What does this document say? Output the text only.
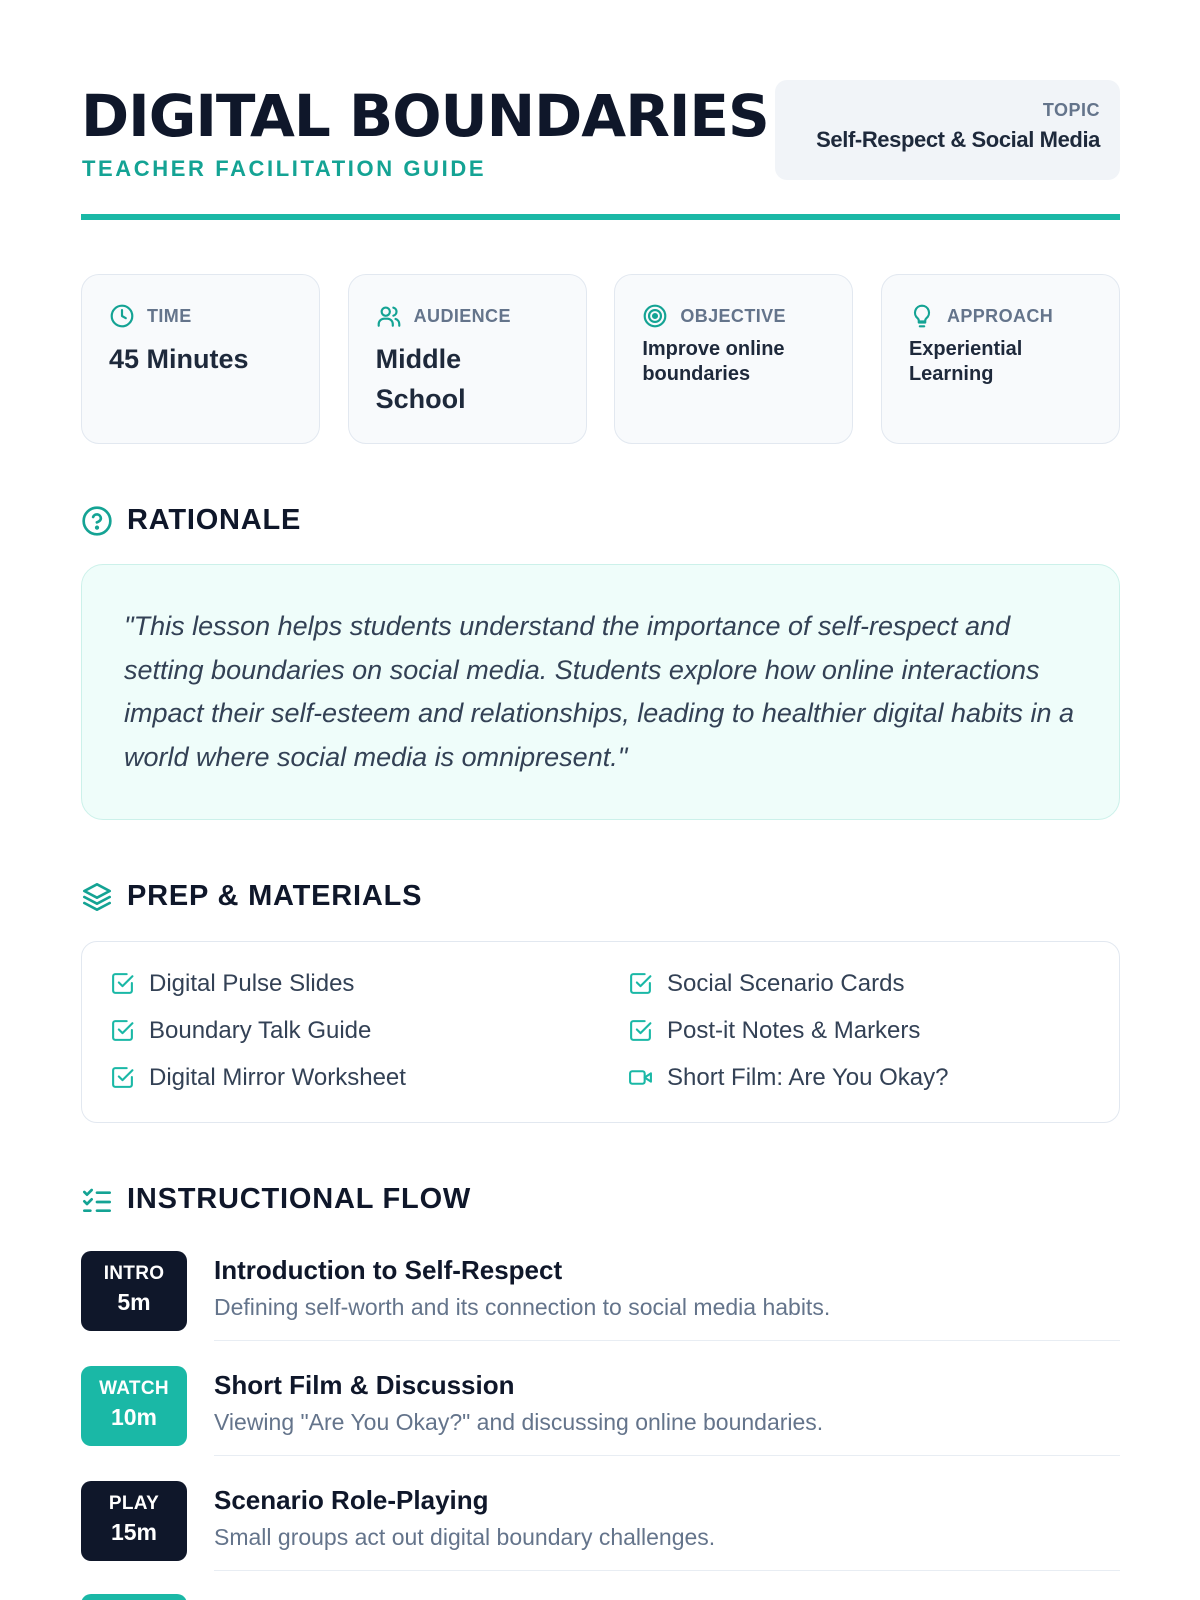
DIGITAL BOUNDARIES
TEACHER FACILITATION GUIDE
TOPIC
Self-Respect & Social Media
TIME
45 Minutes
AUDIENCE
Middle School
OBJECTIVE
Improve online boundaries
APPROACH
Experiential Learning
RATIONALE

"This lesson helps students understand the importance of self-respect and setting boundaries on social media. Students explore how online interactions impact their self-esteem and relationships, leading to healthier digital habits in a world where social media is omnipresent."

PREP & MATERIALS
Digital Pulse Slides	Social Scenario Cards
Boundary Talk Guide	Post-it Notes & Markers
Digital Mirror Worksheet	Short Film: Are You Okay?
INSTRUCTIONAL FLOW
INTRO
5m
Introduction to Self-Respect
Defining self-worth and its connection to social media habits.
WATCH
10m
Short Film & Discussion
Viewing "Are You Okay?" and discussing online boundaries.
PLAY
15m
Scenario Role-Playing
Small groups act out digital boundary challenges.
